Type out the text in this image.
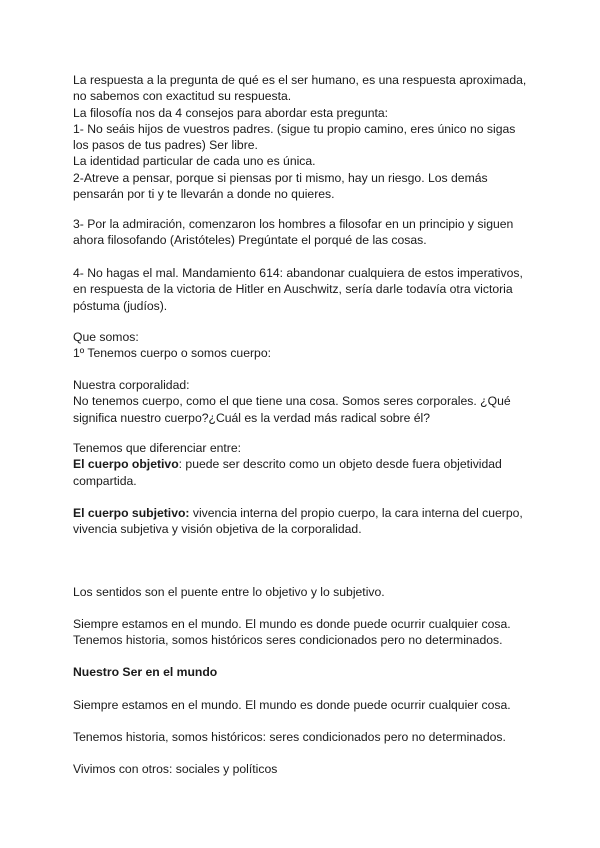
La respuesta a la pregunta de qué es el ser humano, es una respuesta aproximada,
no sabemos con exactitud su respuesta.
La filosofía nos da 4 consejos para abordar esta pregunta:
1- No seáis hijos de vuestros padres. (sigue tu propio camino, eres único no sigas
los pasos de tus padres) Ser libre.
La identidad particular de cada uno es única.
2-Atreve a pensar, porque si piensas por ti mismo, hay un riesgo. Los demás
pensarán por ti y te llevarán a donde no quieres.
3- Por la admiración, comenzaron los hombres a filosofar en un principio y siguen
ahora filosofando (Aristóteles) Pregúntate el porqué de las cosas.
4- No hagas el mal. Mandamiento 614: abandonar cualquiera de estos imperativos,
en respuesta de la victoria de Hitler en Auschwitz, sería darle todavía otra victoria
póstuma (judíos).
Que somos:
1º Tenemos cuerpo o somos cuerpo:
Nuestra corporalidad:
No tenemos cuerpo, como el que tiene una cosa. Somos seres corporales. ¿Qué
significa nuestro cuerpo?¿Cuál es la verdad más radical sobre él?
Tenemos que diferenciar entre:
El cuerpo objetivo: puede ser descrito como un objeto desde fuera objetividad
compartida.
El cuerpo subjetivo: vivencia interna del propio cuerpo, la cara interna del cuerpo,
vivencia subjetiva y visión objetiva de la corporalidad.
Los sentidos son el puente entre lo objetivo y lo subjetivo.
Siempre estamos en el mundo. El mundo es donde puede ocurrir cualquier cosa.
Tenemos historia, somos históricos seres condicionados pero no determinados.
Nuestro Ser en el mundo
Siempre estamos en el mundo. El mundo es donde puede ocurrir cualquier cosa.
Tenemos historia, somos históricos: seres condicionados pero no determinados.
Vivimos con otros: sociales y políticos
